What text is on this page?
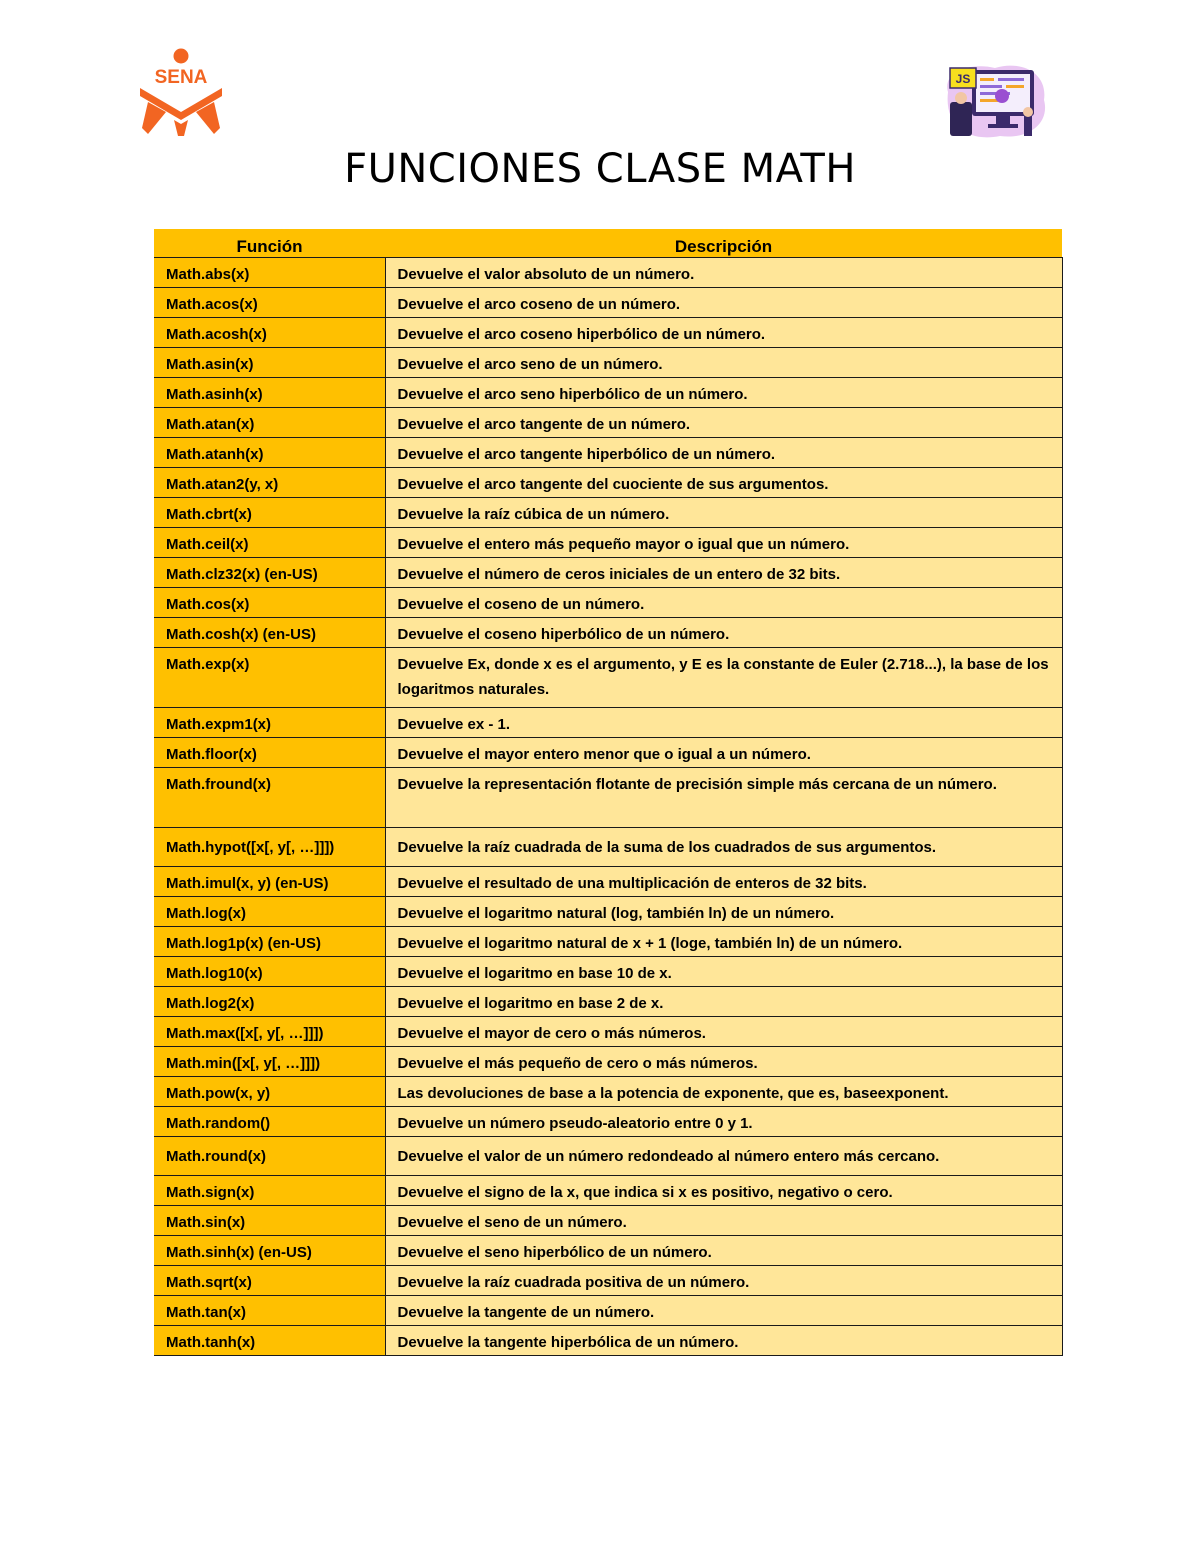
SENA	JS
FUNCIONES CLASE MATH
Función	Descripción
Math.abs(x)	Devuelve el valor absoluto de un número.
Math.acos(x)	Devuelve el arco coseno de un número.
Math.acosh(x)	Devuelve el arco coseno hiperbólico de un número.
Math.asin(x)	Devuelve el arco seno de un número.
Math.asinh(x)	Devuelve el arco seno hiperbólico de un número.
Math.atan(x)	Devuelve el arco tangente de un número.
Math.atanh(x)	Devuelve el arco tangente hiperbólico de un número.
Math.atan2(y, x)	Devuelve el arco tangente del cuociente de sus argumentos.
Math.cbrt(x)	Devuelve la raíz cúbica de un número.
Math.ceil(x)	Devuelve el entero más pequeño mayor o igual que un número.
Math.clz32(x) (en-US)	Devuelve el número de ceros iniciales de un entero de 32 bits.
Math.cos(x)	Devuelve el coseno de un número.
Math.cosh(x) (en-US)	Devuelve el coseno hiperbólico de un número.
Math.exp(x)	Devuelve Ex, donde x es el argumento, y E es la constante de Euler (2.718...), la base de los logaritmos naturales.
Math.expm1(x)	Devuelve ex - 1.
Math.floor(x)	Devuelve el mayor entero menor que o igual a un número.
Math.fround(x)	Devuelve la representación flotante de precisión simple más cercana de un número.
Math.hypot([x[, y[, …]]])	Devuelve la raíz cuadrada de la suma de los cuadrados de sus argumentos.
Math.imul(x, y) (en-US)	Devuelve el resultado de una multiplicación de enteros de 32 bits.
Math.log(x)	Devuelve el logaritmo natural (log, también ln) de un número.
Math.log1p(x) (en-US)	Devuelve el logaritmo natural de x + 1 (loge, también ln) de un número.
Math.log10(x)	Devuelve el logaritmo en base 10 de x.
Math.log2(x)	Devuelve el logaritmo en base 2 de x.
Math.max([x[, y[, …]]])	Devuelve el mayor de cero o más números.
Math.min([x[, y[, …]]])	Devuelve el más pequeño de cero o más números.
Math.pow(x, y)	Las devoluciones de base a la potencia de exponente, que es, baseexponent.
Math.random()	Devuelve un número pseudo-aleatorio entre 0 y 1.
Math.round(x)	Devuelve el valor de un número redondeado al número entero más cercano.
Math.sign(x)	Devuelve el signo de la x, que indica si x es positivo, negativo o cero.
Math.sin(x)	Devuelve el seno de un número.
Math.sinh(x) (en-US)	Devuelve el seno hiperbólico de un número.
Math.sqrt(x)	Devuelve la raíz cuadrada positiva de un número.
Math.tan(x)	Devuelve la tangente de un número.
Math.tanh(x)	Devuelve la tangente hiperbólica de un número.
